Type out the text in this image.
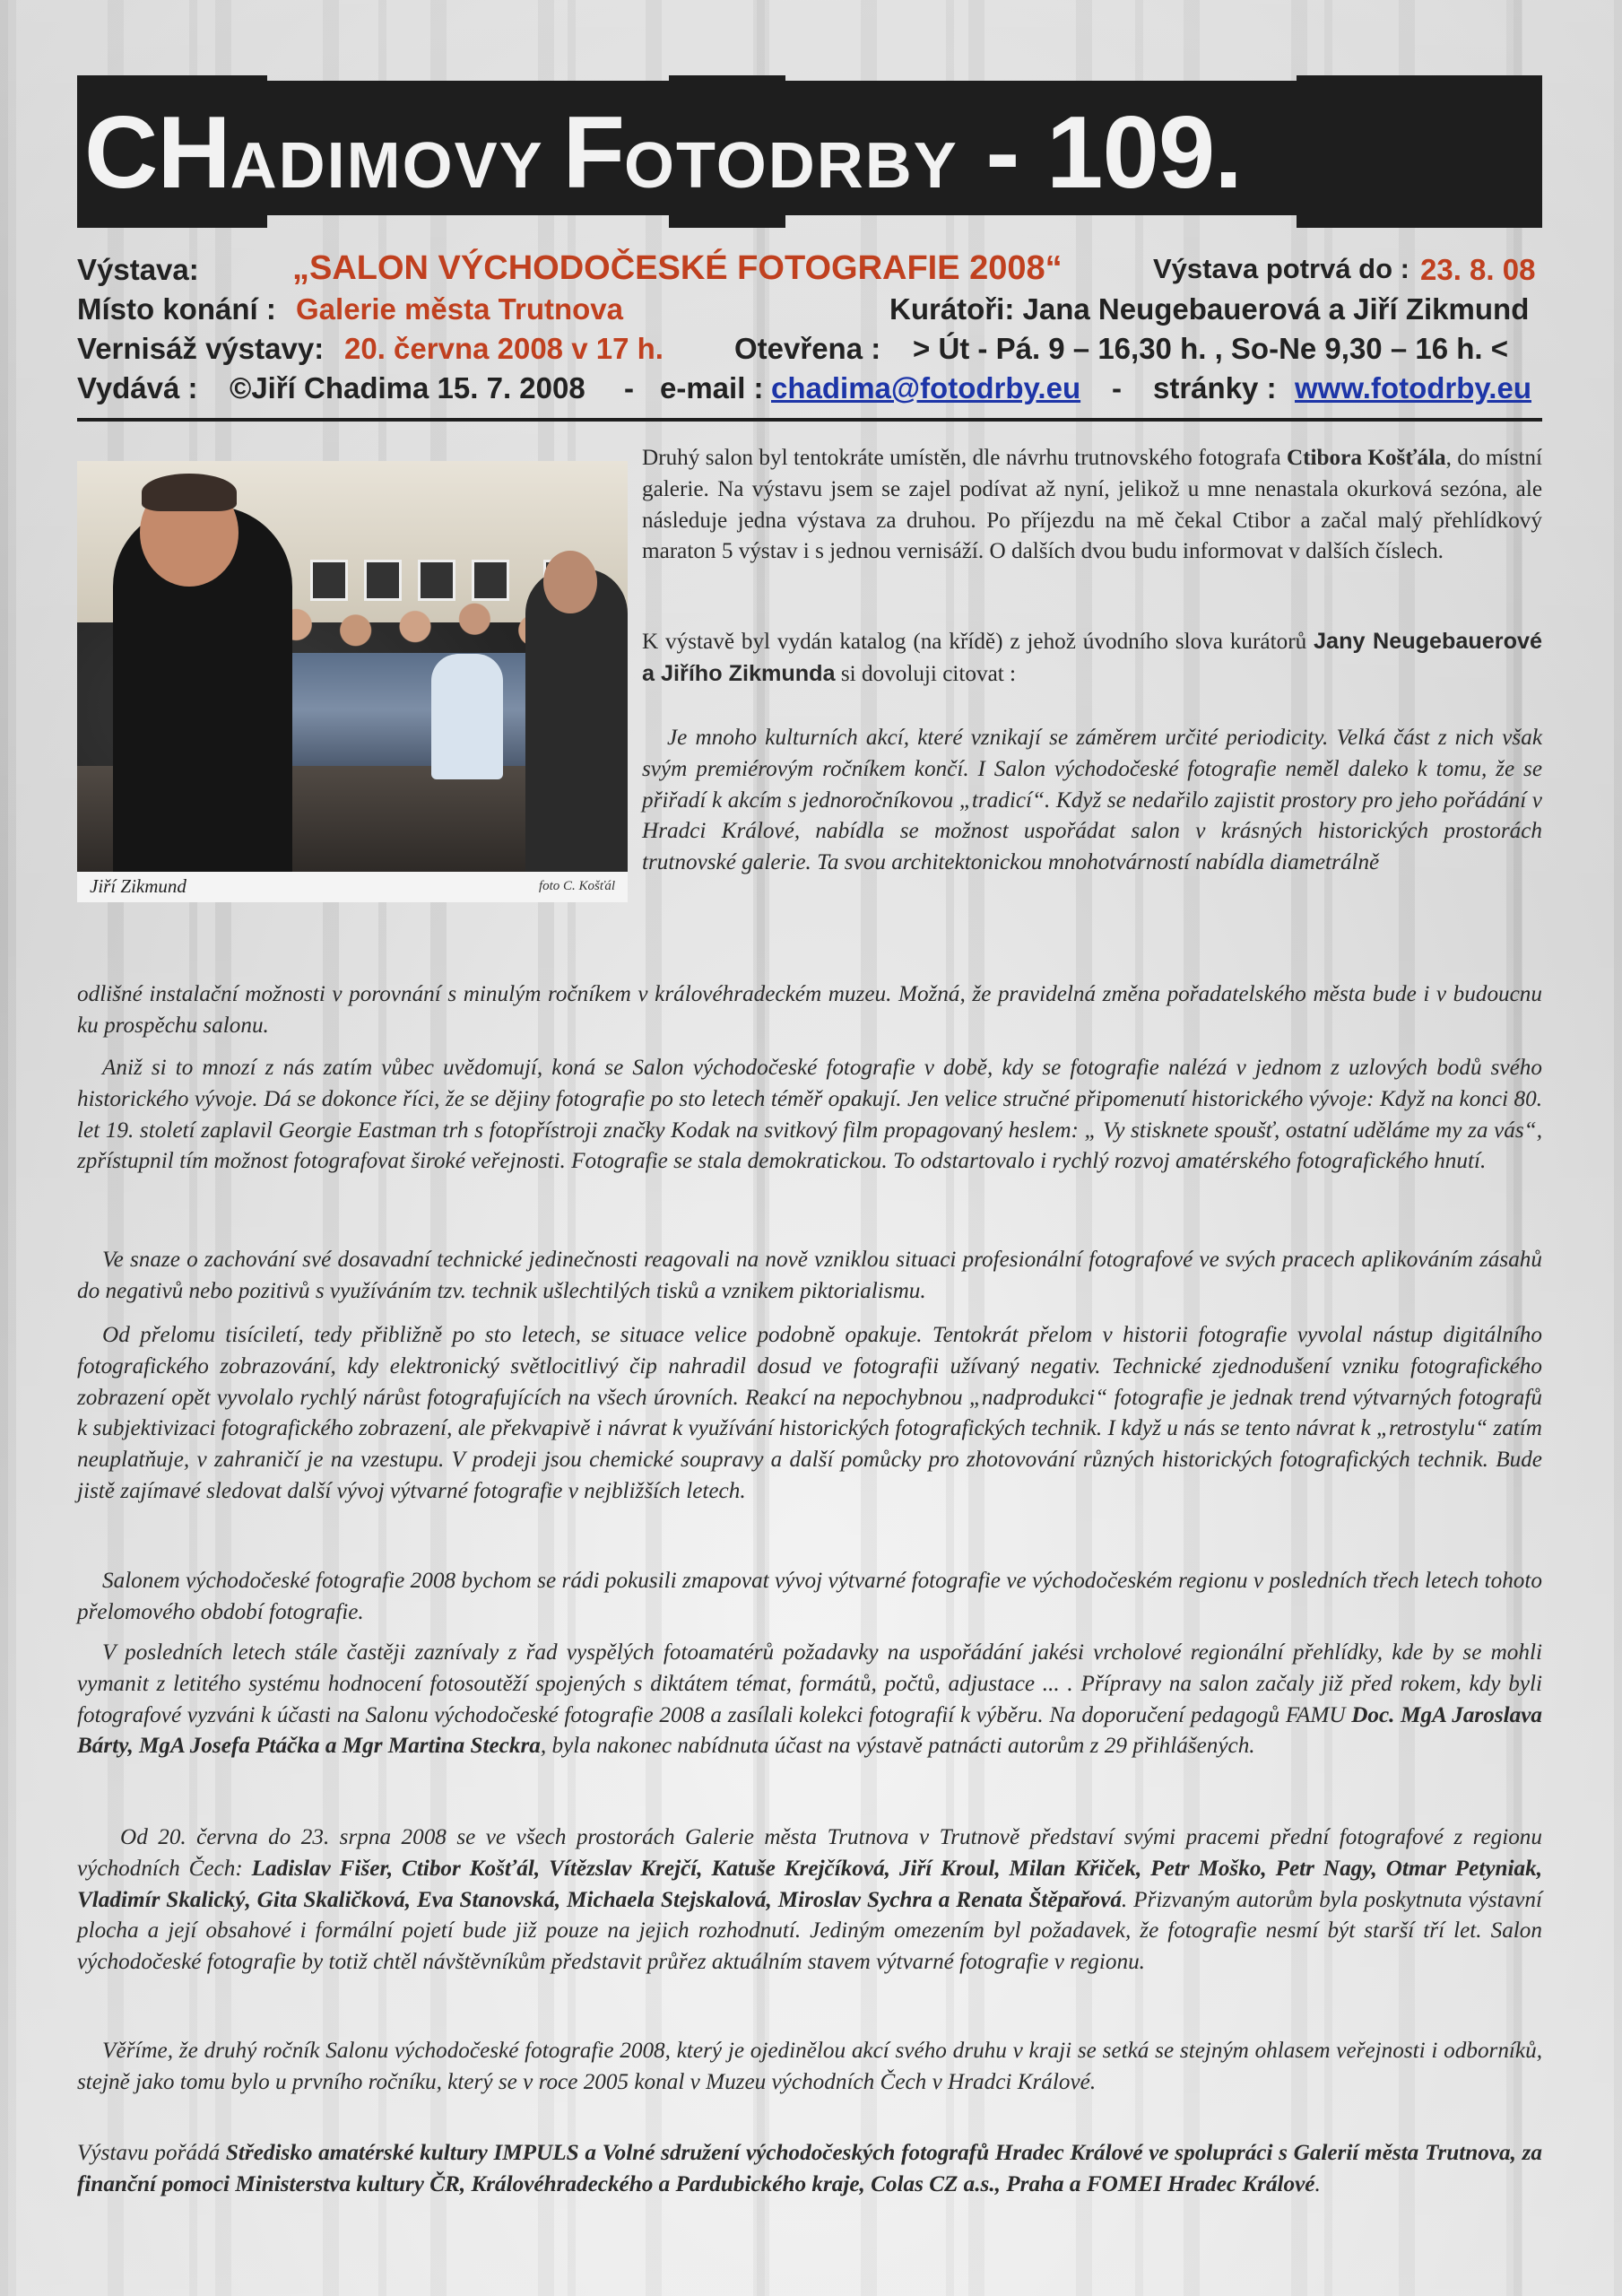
CHADIMOVY FOTODRBY - 109.
Výstava:	„SALON VÝCHODOČESKÉ FOTOGRAFIE 2008“	Výstava potrvá do : 23. 8. 08
Místo konání : Galerie města Trutnova	Kurátoři: Jana Neugebauerová a Jiří Zikmund
Vernisáž výstavy: 20. června 2008 v 17 h. Otevřena : > Út - Pá. 9 – 16,30 h. , So-Ne 9,30 – 16 h. <
Vydává : ©Jiří Chadima 15. 7. 2008 - e-mail : chadima@fotodrby.eu - stránky : www.fotodrby.eu
Jiří Zikmund	foto C. Košťál

Druhý salon byl tentokráte umístěn, dle návrhu trutnovského fotografa Ctibora Košťála, do místní galerie. Na výstavu jsem se zajel podívat až nyní, jelikož u mne nenastala okurková sezóna, ale následuje jedna výstava za druhou. Po příjezdu na mě čekal Ctibor a začal malý přehlídkový maraton 5 výstav i s jednou vernisáží. O dalších dvou budu informovat v dalších číslech.

K výstavě byl vydán katalog (na křídě) z jehož úvodního slova kurátorů Jany Neugebauerové a Jiřího Zikmunda si dovoluji citovat :

Je mnoho kulturních akcí, které vznikají se záměrem určité periodicity. Velká část z nich však svým premiérovým ročníkem končí. I Salon východočeské fotografie neměl daleko k tomu, že se přiřadí k akcím s jednoročníkovou „tradicí“. Když se nedařilo zajistit prostory pro jeho pořádání v Hradci Králové, nabídla se možnost uspořádat salon v krásných historických prostorách trutnovské galerie. Ta svou architektonickou mnohotvárností nabídla diametrálně

odlišné instalační možnosti v porovnání s minulým ročníkem v královéhradeckém muzeu. Možná, že pravidelná změna pořadatelského města bude i v budoucnu ku prospěchu salonu.

Aniž si to mnozí z nás zatím vůbec uvědomují, koná se Salon východočeské fotografie v době, kdy se fotografie nalézá v jednom z uzlových bodů svého historického vývoje. Dá se dokonce říci, že se dějiny fotografie po sto letech téměř opakují. Jen velice stručné připomenutí historického vývoje: Když na konci 80. let 19. století zaplavil Georgie Eastman trh s fotopřístroji značky Kodak na svitkový film propagovaný heslem: „ Vy stisknete spoušť, ostatní uděláme my za vás“, zpřístupnil tím možnost fotografovat široké veřejnosti. Fotografie se stala demokratickou. To odstartovalo i rychlý rozvoj amatérského fotografického hnutí.

Ve snaze o zachování své dosavadní technické jedinečnosti reagovali na nově vzniklou situaci profesionální fotografové ve svých pracech aplikováním zásahů do negativů nebo pozitivů s využíváním tzv. technik ušlechtilých tisků a vznikem piktorialismu.

Od přelomu tisíciletí, tedy přibližně po sto letech, se situace velice podobně opakuje. Tentokrát přelom v historii fotografie vyvolal nástup digitálního fotografického zobrazování, kdy elektronický světlocitlivý čip nahradil dosud ve fotografii užívaný negativ. Technické zjednodušení vzniku fotografického zobrazení opět vyvolalo rychlý nárůst fotografujících na všech úrovních. Reakcí na nepochybnou „nadprodukci“ fotografie je jednak trend výtvarných fotografů k subjektivizaci fotografického zobrazení, ale překvapivě i návrat k využívání historických fotografických technik. I když u nás se tento návrat k „retrostylu“ zatím neuplatňuje, v zahraničí je na vzestupu. V prodeji jsou chemické soupravy a další pomůcky pro zhotovování různých historických fotografických technik. Bude jistě zajímavé sledovat další vývoj výtvarné fotografie v nejbližších letech.

Salonem východočeské fotografie 2008 bychom se rádi pokusili zmapovat vývoj výtvarné fotografie ve východočeském regionu v posledních třech letech tohoto přelomového období fotografie.

V posledních letech stále častěji zaznívaly z řad vyspělých fotoamatérů požadavky na uspořádání jakési vrcholové regionální přehlídky, kde by se mohli vymanit z letitého systému hodnocení fotosoutěží spojených s diktátem témat, formátů, počtů, adjustace ... . Přípravy na salon začaly již před rokem, kdy byli fotografové vyzváni k účasti na Salonu východočeské fotografie 2008 a zasílali kolekci fotografií k výběru. Na doporučení pedagogů FAMU Doc. MgA Jaroslava Bárty, MgA Josefa Ptáčka a Mgr Martina Steckra, byla nakonec nabídnuta účast na výstavě patnácti autorům z 29 přihlášených.

Od 20. června do 23. srpna 2008 se ve všech prostorách Galerie města Trutnova v Trutnově představí svými pracemi přední fotografové z regionu východních Čech: Ladislav Fišer, Ctibor Košťál, Vítězslav Krejčí, Katuše Krejčíková, Jiří Kroul, Milan Křiček, Petr Moško, Petr Nagy, Otmar Petyniak, Vladimír Skalický, Gita Skaličková, Eva Stanovská, Michaela Stejskalová, Miroslav Sychra a Renata Štěpařová. Přizvaným autorům byla poskytnuta výstavní plocha a její obsahové i formální pojetí bude již pouze na jejich rozhodnutí. Jediným omezením byl požadavek, že fotografie nesmí být starší tří let. Salon východočeské fotografie by totiž chtěl návštěvníkům představit průřez aktuálním stavem výtvarné fotografie v regionu.

Věříme, že druhý ročník Salonu východočeské fotografie 2008, který je ojedinělou akcí svého druhu v kraji se setká se stejným ohlasem veřejnosti i odborníků, stejně jako tomu bylo u prvního ročníku, který se v roce 2005 konal v Muzeu východních Čech v Hradci Králové.

Výstavu pořádá Středisko amatérské kultury IMPULS a Volné sdružení východočeských fotografů Hradec Králové ve spolupráci s Galerií města Trutnova, za finanční pomoci Ministerstva kultury ČR, Královéhradeckého a Pardubického kraje, Colas CZ a.s., Praha a FOMEI Hradec Králové.
